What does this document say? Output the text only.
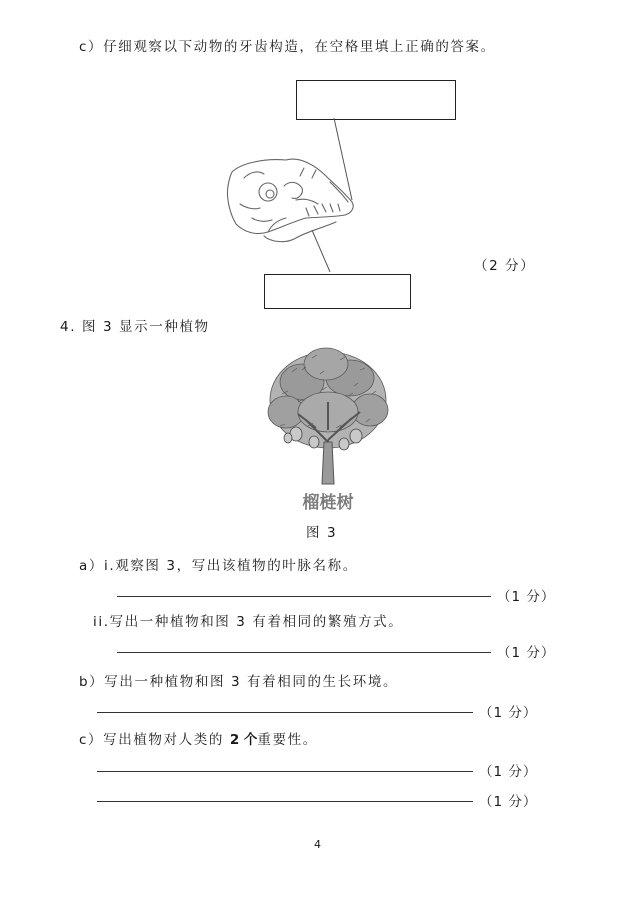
c）仔细观察以下动物的牙齿构造，在空格里填上正确的答案。
（2 分）
4. 图 3 显示一种植物
榴梿树
图 3
a）i.观察图 3，写出该植物的叶脉名称。
（1 分）
ii.写出一种植物和图 3 有着相同的繁殖方式。
（1 分）
b）写出一种植物和图 3 有着相同的生长环境。
（1 分）
c）写出植物对人类的 2 个重要性。
（1 分）
（1 分）
4
